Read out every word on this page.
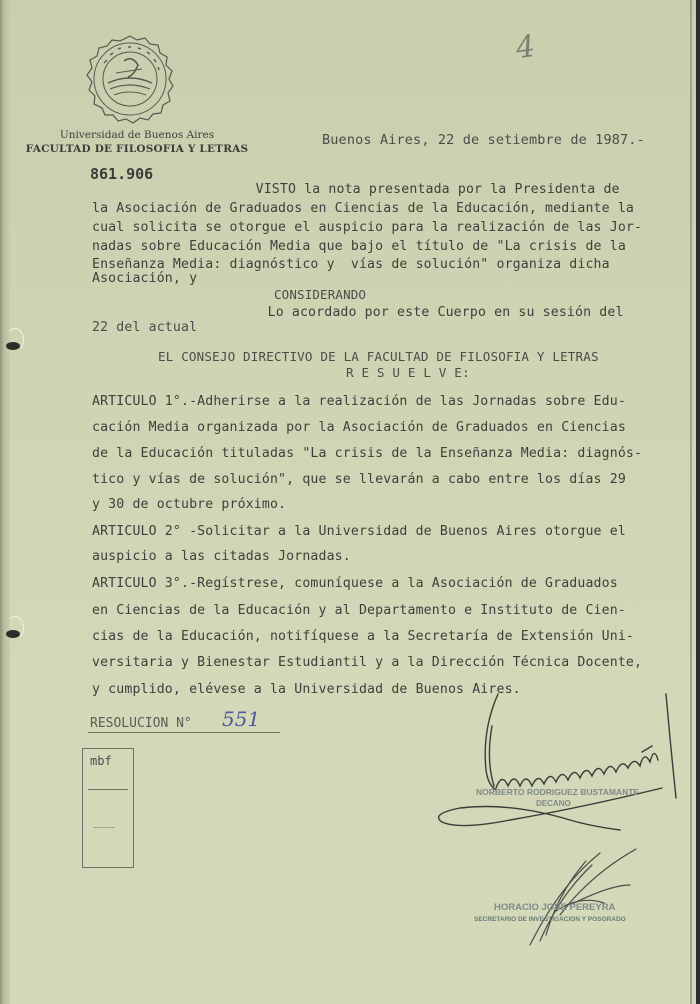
Universidad de Buenos Aires
FACULTAD DE FILOSOFIA Y LETRAS
861.906
4
Buenos Aires, 22 de setiembre de 1987.-
VISTO la nota presentada por la Presidenta de
la Asociación de Graduados en Ciencias de la Educación, mediante la
cual solicita se otorgue el auspicio para la realización de las Jor-
nadas sobre Educación Media que bajo el título de "La crisis de la
Enseñanza Media: diagnóstico y  vías de solución" organiza dicha
Asociación, y
CONSIDERANDO
Lo acordado por este Cuerpo en su sesión del
22 del actual
EL CONSEJO DIRECTIVO DE LA FACULTAD DE FILOSOFIA Y LETRAS
R E S U E L V E:
ARTICULO 1°.-Adherirse a la realización de las Jornadas sobre Edu-
cación Media organizada por la Asociación de Graduados en Ciencias
de la Educación tituladas "La crisis de la Enseñanza Media: diagnós-
tico y vías de solución", que se llevarán a cabo entre los días 29
y 30 de octubre próximo.
ARTICULO 2° -Solicitar a la Universidad de Buenos Aires otorgue el
auspicio a las citadas Jornadas.
ARTICULO 3°.-Regístrese, comuníquese a la Asociación de Graduados
en Ciencias de la Educación y al Departamento e Instituto de Cien-
cias de la Educación, notifíquese a la Secretaría de Extensión Uni-
versitaria y Bienestar Estudiantil y a la Dirección Técnica Docente,
y cumplido, elévese a la Universidad de Buenos Aires.
RESOLUCION N° 551
mbf
NORBERTO RODRIGUEZ BUSTAMANTE
DECANO
HORACIO JOSE PEREYRA
SECRETARIO DE INVESTIGACION Y POSGRADO
